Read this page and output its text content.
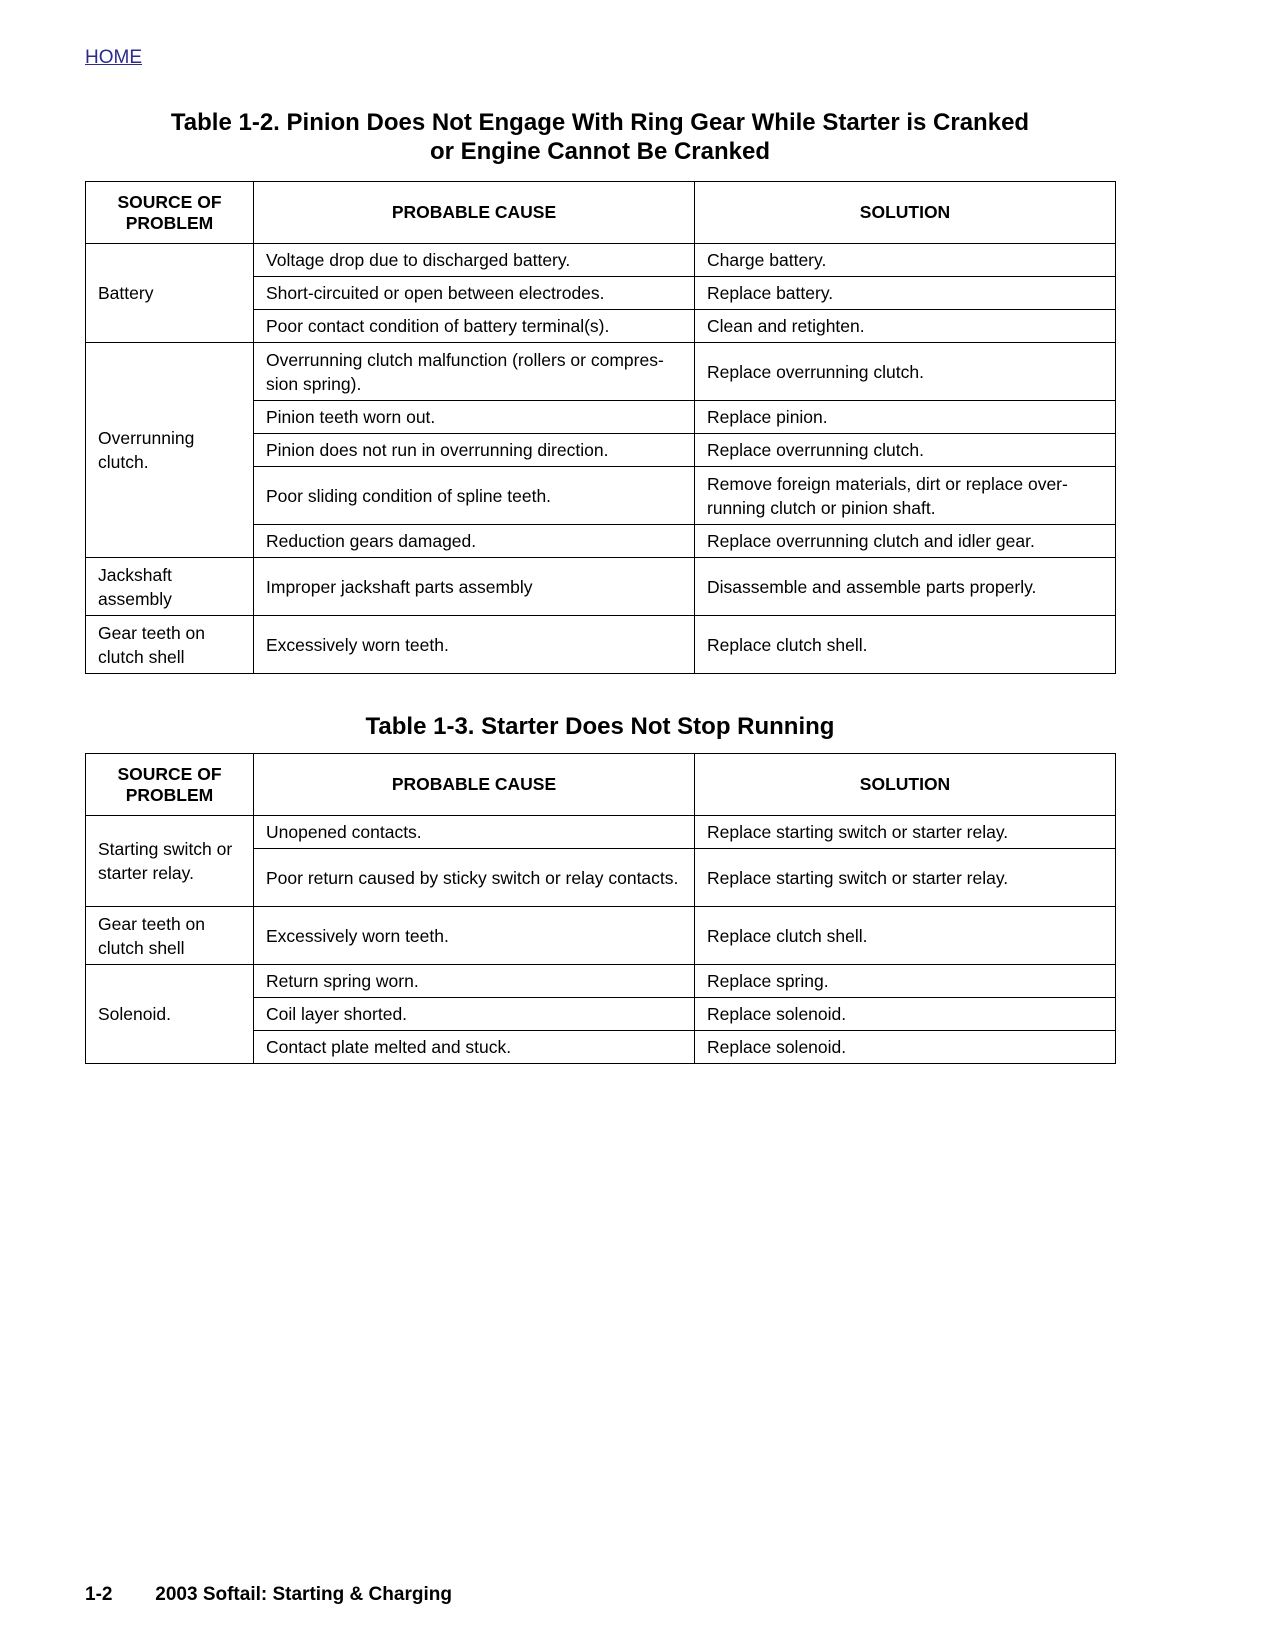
HOME
Table 1-2. Pinion Does Not Engage With Ring Gear While Starter is Cranked
or Engine Cannot Be Cranked
SOURCE OF PROBLEM	PROBABLE CAUSE	SOLUTION
Battery	Voltage drop due to discharged battery.	Charge battery.
	Short-circuited or open between electrodes.	Replace battery.
	Poor contact condition of battery terminal(s).	Clean and retighten.
Overrunning clutch.	Overrunning clutch malfunction (rollers or compres-sion spring).	Replace overrunning clutch.
	Pinion teeth worn out.	Replace pinion.
	Pinion does not run in overrunning direction.	Replace overrunning clutch.
	Poor sliding condition of spline teeth.	Remove foreign materials, dirt or replace over-running clutch or pinion shaft.
	Reduction gears damaged.	Replace overrunning clutch and idler gear.
Jackshaft assembly	Improper jackshaft parts assembly	Disassemble and assemble parts properly.
Gear teeth on clutch shell	Excessively worn teeth.	Replace clutch shell.
Table 1-3. Starter Does Not Stop Running
SOURCE OF PROBLEM	PROBABLE CAUSE	SOLUTION
Starting switch or starter relay.	Unopened contacts.	Replace starting switch or starter relay.
	Poor return caused by sticky switch or relay contacts.	Replace starting switch or starter relay.
Gear teeth on clutch shell	Excessively worn teeth.	Replace clutch shell.
Solenoid.	Return spring worn.	Replace spring.
	Coil layer shorted.	Replace solenoid.
	Contact plate melted and stuck.	Replace solenoid.
1-2 2003 Softail: Starting & Charging
